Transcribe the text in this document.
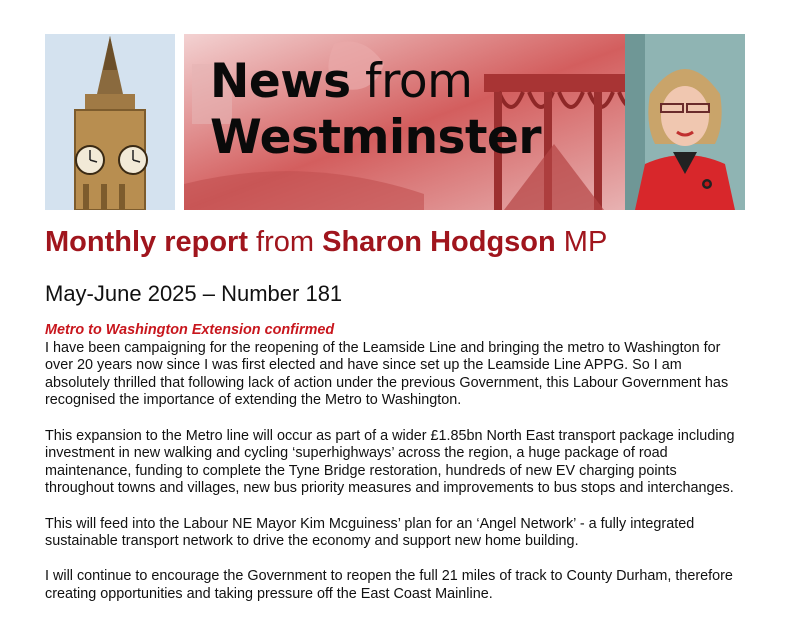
News from
Westminster
Monthly report from Sharon Hodgson MP
May-June 2025 – Number 181
Metro to Washington Extension confirmed

I have been campaigning for the reopening of the Leamside Line and bringing the metro to Washington for over 20 years now since I was first elected and have since set up the Leamside Line APPG. So I am absolutely thrilled that following lack of action under the previous Government, this Labour Government has recognised the importance of extending the Metro to Washington.

This expansion to the Metro line will occur as part of a wider £1.85bn North East transport package including investment in new walking and cycling ‘superhighways’ across the region, a huge package of road maintenance, funding to complete the Tyne Bridge restoration, hundreds of new EV charging points throughout towns and villages, new bus priority measures and improvements to bus stops and interchanges.

This will feed into the Labour NE Mayor Kim Mcguiness’ plan for an ‘Angel Network’ - a fully integrated sustainable transport network to drive the economy and support new home building.

I will continue to encourage the Government to reopen the full 21 miles of track to County Durham, therefore creating opportunities and taking pressure off the East Coast Mainline.
